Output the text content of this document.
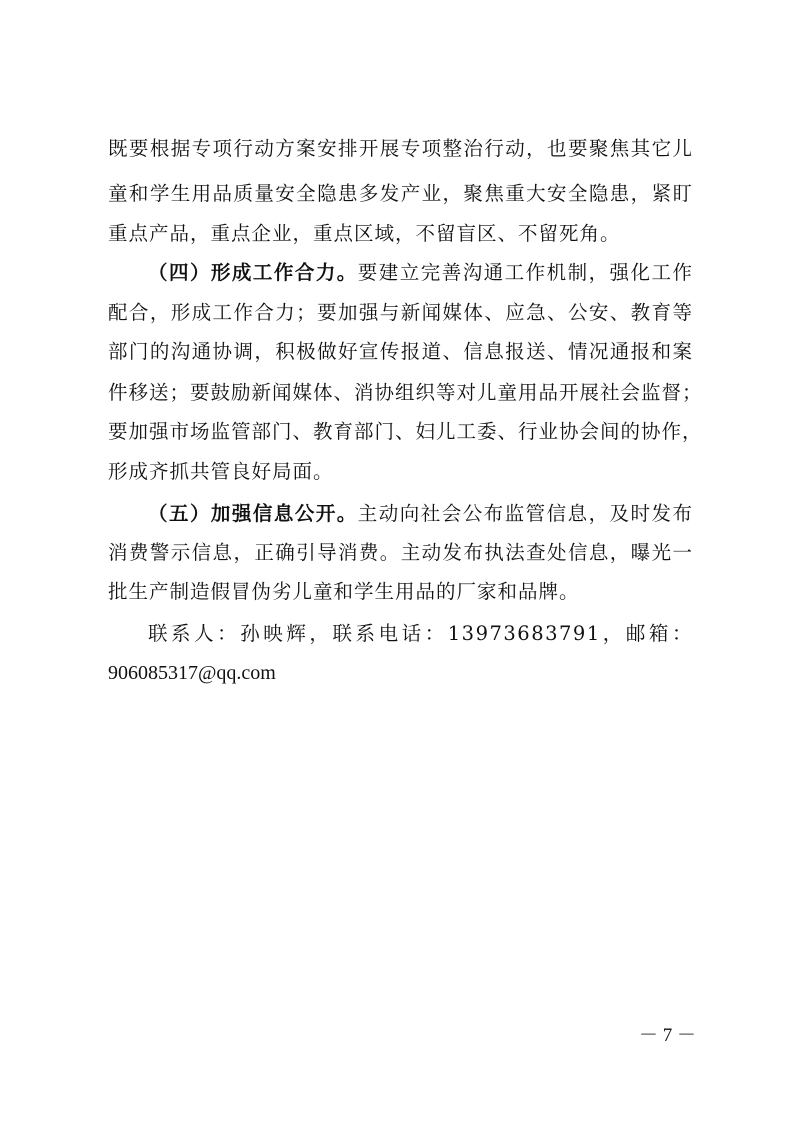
既要根据专项行动方案安排开展专项整治行动，也要聚焦其它儿
童和学生用品质量安全隐患多发产业，聚焦重大安全隐患，紧盯
重点产品，重点企业，重点区域，不留盲区、不留死角。
（四）形成工作合力。要建立完善沟通工作机制，强化工作
配合，形成工作合力；要加强与新闻媒体、应急、公安、教育等
部门的沟通协调，积极做好宣传报道、信息报送、情况通报和案
件移送；要鼓励新闻媒体、消协组织等对儿童用品开展社会监督；
要加强市场监管部门、教育部门、妇儿工委、行业协会间的协作，
形成齐抓共管良好局面。
（五）加强信息公开。主动向社会公布监管信息，及时发布
消费警示信息，正确引导消费。主动发布执法查处信息，曝光一
批生产制造假冒伪劣儿童和学生用品的厂家和品牌。
联系人：孙映辉，联系电话：13973683791，邮箱：
906085317@qq.com
－ 7 －
